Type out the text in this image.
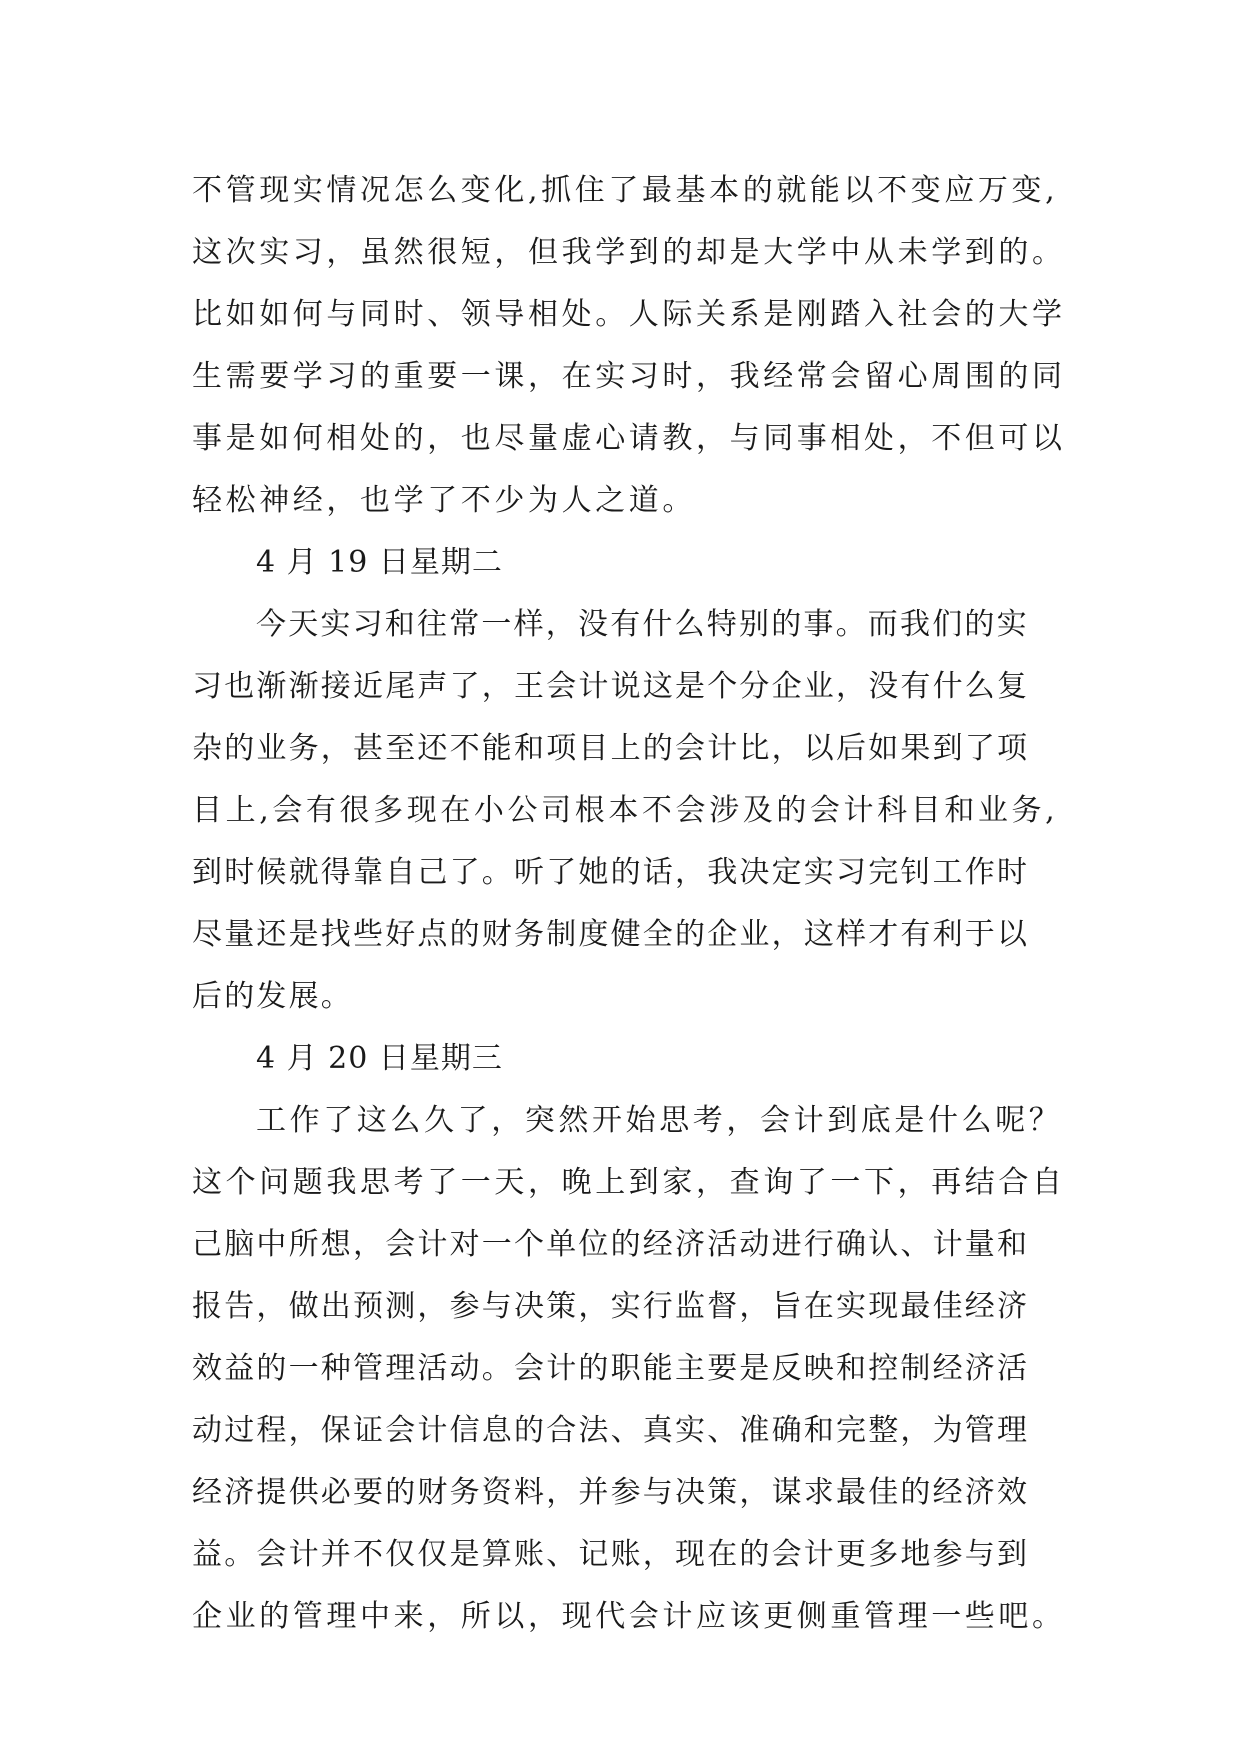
不管现实情况怎么变化,抓住了最基本的就能以不变应万变,
这次实习，虽然很短，但我学到的却是大学中从未学到的。
比如如何与同时、领导相处。人际关系是刚踏入社会的大学
生需要学习的重要一课，在实习时，我经常会留心周围的同
事是如何相处的，也尽量虚心请教，与同事相处，不但可以
轻松神经，也学了不少为人之道。
4 月 19 日星期二
今天实习和往常一样，没有什么特别的事。而我们的实
习也渐渐接近尾声了，王会计说这是个分企业，没有什么复
杂的业务，甚至还不能和项目上的会计比，以后如果到了项
目上,会有很多现在小公司根本不会涉及的会计科目和业务,
到时候就得靠自己了。听了她的话，我决定实习完钊工作时
尽量还是找些好点的财务制度健全的企业，这样才有利于以
后的发展。
4 月 20 日星期三
工作了这么久了，突然开始思考，会计到底是什么呢？
这个问题我思考了一天，晚上到家，查询了一下，再结合自
己脑中所想，会计对一个单位的经济活动进行确认、计量和
报告，做出预测，参与决策，实行监督，旨在实现最佳经济
效益的一种管理活动。会计的职能主要是反映和控制经济活
动过程，保证会计信息的合法、真实、准确和完整，为管理
经济提供必要的财务资料，并参与决策，谋求最佳的经济效
益。会计并不仅仅是算账、记账，现在的会计更多地参与到
企业的管理中来，所以，现代会计应该更侧重管理一些吧。
